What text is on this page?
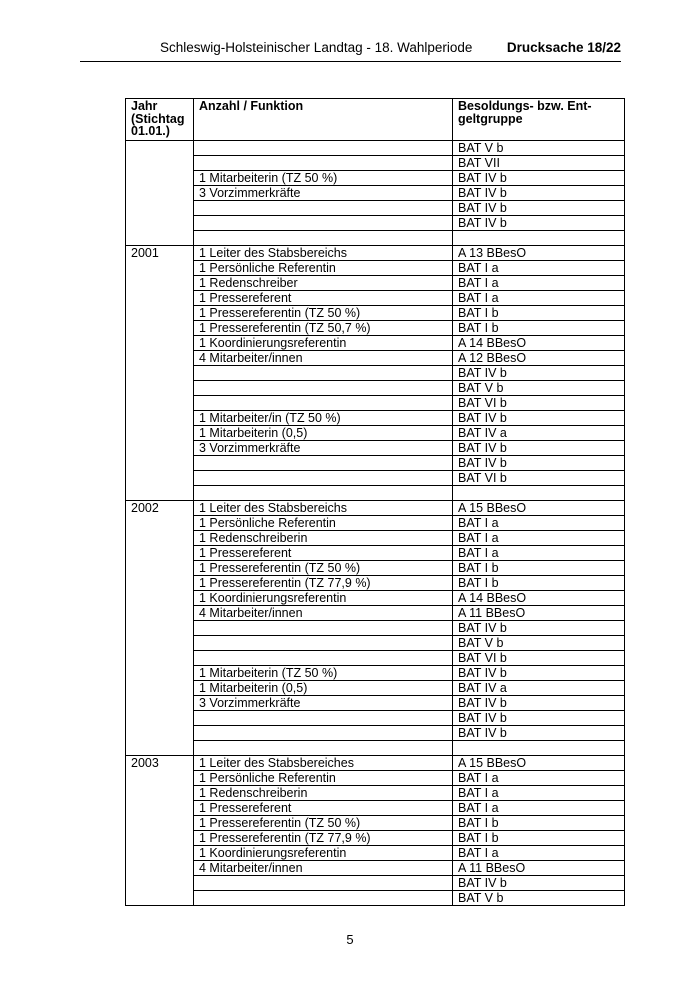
Schleswig-Holsteinischer Landtag - 18. Wahlperiode	Drucksache 18/22
Jahr (Stichtag 01.01.)	Anzahl / Funktion	Besoldungs- bzw. Ent-geltgruppe
		BAT V b
		BAT VII
	1 Mitarbeiterin (TZ 50 %)	BAT IV b
	3 Vorzimmerkräfte	BAT IV b
		BAT IV b
		BAT IV b

2001	1 Leiter des Stabsbereichs	A 13 BBesO
	1 Persönliche Referentin	BAT I a
	1 Redenschreiber	BAT I a
	1 Pressereferent	BAT I a
	1 Pressereferentin (TZ 50 %)	BAT I b
	1 Pressereferentin (TZ 50,7 %)	BAT I b
	1 Koordinierungsreferentin	A 14 BBesO
	4 Mitarbeiter/innen	A 12 BBesO
		BAT IV b
		BAT V b
		BAT VI b
	1 Mitarbeiter/in (TZ 50 %)	BAT IV b
	1 Mitarbeiterin (0,5)	BAT IV a
	3 Vorzimmerkräfte	BAT IV b
		BAT IV b
		BAT VI b

2002	1 Leiter des Stabsbereichs	A 15 BBesO
	1 Persönliche Referentin	BAT I a
	1 Redenschreiberin	BAT I a
	1 Pressereferent	BAT I a
	1 Pressereferentin (TZ 50 %)	BAT I b
	1 Pressereferentin (TZ 77,9 %)	BAT I b
	1 Koordinierungsreferentin	A 14 BBesO
	4 Mitarbeiter/innen	A 11 BBesO
		BAT IV b
		BAT V b
		BAT VI b
	1 Mitarbeiterin (TZ 50 %)	BAT IV b
	1 Mitarbeiterin (0,5)	BAT IV a
	3 Vorzimmerkräfte	BAT IV b
		BAT IV b
		BAT IV b

2003	1 Leiter des Stabsbereiches	A 15 BBesO
	1 Persönliche Referentin	BAT I a
	1 Redenschreiberin	BAT I a
	1 Pressereferent	BAT I a
	1 Pressereferentin (TZ 50 %)	BAT I b
	1 Pressereferentin (TZ 77,9 %)	BAT I b
	1 Koordinierungsreferentin	BAT I a
	4 Mitarbeiter/innen	A 11 BBesO
		BAT IV b
		BAT V b
5
